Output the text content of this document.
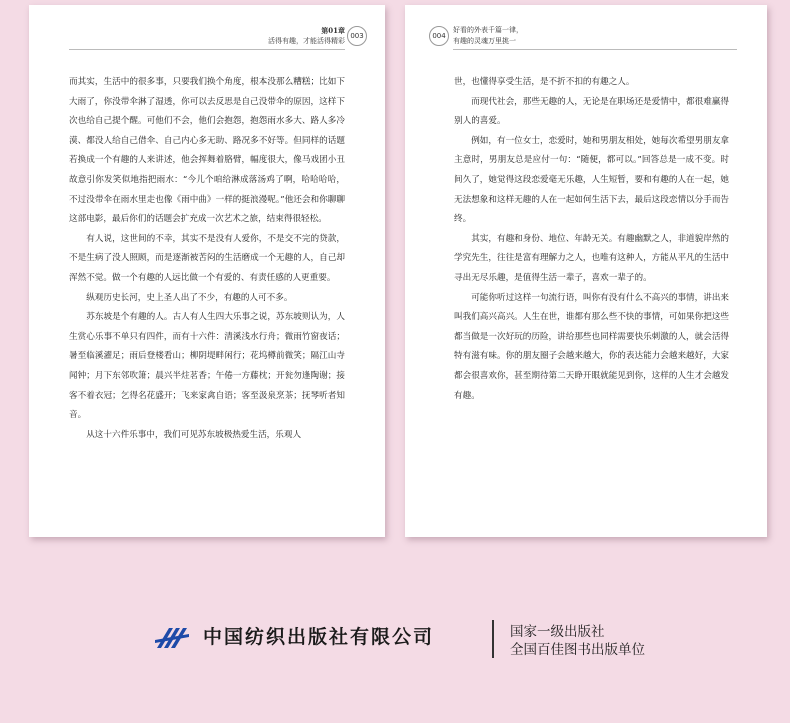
第01章
活得有趣，才能活得精彩
003

而其实，生活中的很多事，只要我们换个角度，根本没那么糟糕；比如下大雨了，你没带伞淋了湿透，你可以去反思是自己没带伞的原因，这样下次也给自己提个醒。可他们不会，他们会抱怨，抱怨雨水多大、路人多冷漠、都没人给自己借伞、自己内心多无助、路况多不好等。但同样的话题若换成一个有趣的人来讲述，他会挥舞着胳臂，幅度很大，像马戏团小丑故意引你发笑似地指把雨水：“今儿个咱给淋成落汤鸡了啊，哈哈哈哈，不过没带伞在雨水里走也像《雨中曲》一样的挺浪漫呢。”他还会和你聊聊这部电影，最后你们的话题会扩充成一次艺术之旅，结束得很轻松。

有人说，这世间的不幸，其实不是没有人爱你，不是交不完的贷款，不是生病了没人照顾，而是逐渐被苦闷的生活磨成一个无趣的人，自己却浑然不觉。做一个有趣的人远比做一个有爱的、有责任感的人更重要。

纵观历史长河，史上圣人出了不少，有趣的人可不多。

苏东坡是个有趣的人。古人有人生四大乐事之说，苏东坡则认为，人生赏心乐事不单只有四件，而有十六件：清溪浅水行舟；微雨竹窗夜话；暑至临溪濯足；雨后登楼看山；柳阴堤畔闲行；花坞樽前微笑；隔江山寺闻钟；月下东邻吹箫；晨兴半炷茗香；午倦一方藤枕；开瓮勿逢陶谢；接客不着衣冠；乞得名花盛开；飞来家禽自语；客至汲泉烹茶；抚琴听者知音。

从这十六件乐事中，我们可见苏东坡极热爱生活，乐观人

004
好看的外表千篇一律，
有趣的灵魂万里挑一

世，也懂得享受生活，是不折不扣的有趣之人。

而现代社会，那些无趣的人，无论是在职场还是爱情中，都很难赢得别人的喜爱。

例如，有一位女士，恋爱时，她和男朋友相处，她每次希望男朋友拿主意时，男朋友总是应付一句：“随便，都可以。”回答总是一成不变。时间久了，她觉得这段恋爱毫无乐趣，人生短暂，要和有趣的人在一起，她无法想象和这样无趣的人在一起如何生活下去，最后这段恋情以分手而告终。

其实，有趣和身份、地位、年龄无关。有趣幽默之人，非道貌岸然的学究先生，往往是富有理解力之人，也唯有这种人，方能从平凡的生活中寻出无尽乐趣，是值得生活一辈子，喜欢一辈子的。

可能你听过这样一句流行语，叫你有没有什么不高兴的事情，讲出来叫我们高兴高兴。人生在世，谁都有那么些不快的事情，可如果你把这些都当做是一次好玩的历险，讲给那些也同样需要快乐刺激的人，就会活得特有滋有味。你的朋友圈子会越来越大，你的表达能力会越来越好，大家都会很喜欢你，甚至期待第二天睁开眼就能见到你，这样的人生才会越发有趣。

中国纺织出版社有限公司	国家一级出版社
全国百佳图书出版单位
